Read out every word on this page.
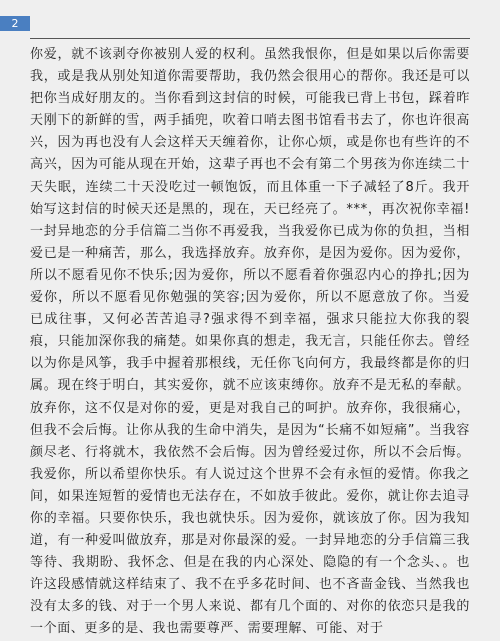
2

你爱，就不该剥夺你被别人爱的权利。虽然我恨你，但是如果以后你需要我，或是我从别处知道你需要帮助，我仍然会很用心的帮你。我还是可以把你当成好朋友的。当你看到这封信的时候，可能我已背上书包，踩着昨天刚下的新鲜的雪，两手插兜，吹着口哨去图书馆看书去了，你也许很高兴，因为再也没有人会这样天天缠着你，让你心烦，或是你也有些许的不高兴，因为可能从现在开始，这辈子再也不会有第二个男孩为你连续二十天失眠，连续二十天没吃过一顿饱饭，而且体重一下子减轻了8斤。我开始写这封信的时候天还是黑的，现在，天已经亮了。***，再次祝你幸福!一封异地恋的分手信篇二当你不再爱我，当我爱你已成为你的负担，当相爱已是一种痛苦，那么，我选择放弃。放弃你，是因为爱你。因为爱你，所以不愿看见你不快乐;因为爱你，所以不愿看着你强忍内心的挣扎;因为爱你，所以不愿看见你勉强的笑容;因为爱你，所以不愿意放了你。当爱已成往事，又何必苦苦追寻?强求得不到幸福，强求只能拉大你我的裂痕，只能加深你我的痛楚。如果你真的想走，我无言，只能任你去。曾经以为你是风筝，我手中握着那根线，无任你飞向何方，我最终都是你的归属。现在终于明白，其实爱你，就不应该束缚你。放弃不是无私的奉献。放弃你，这不仅是对你的爱，更是对我自己的呵护。放弃你，我很痛心，但我不会后悔。让你从我的生命中消失，是因为“长痛不如短痛”。当我容颜尽老、行将就木，我依然不会后悔。因为曾经爱过你，所以不会后悔。我爱你，所以希望你快乐。有人说过这个世界不会有永恒的爱情。你我之间，如果连短暂的爱情也无法存在，不如放手彼此。爱你，就让你去追寻你的幸福。只要你快乐，我也就快乐。因为爱你，就该放了你。因为我知道，有一种爱叫做放弃，那是对你最深的爱。一封异地恋的分手信篇三我等待、我期盼、我怀念、但是在我的内心深处、隐隐的有一个念头、。也许这段感情就这样结束了、我不在乎多花时间、也不吝啬金钱、当然我也没有太多的钱、对于一个男人来说、都有几个面的、对你的依恋只是我的一个面、更多的是、我也需要尊严、需要理解、可能、对于
